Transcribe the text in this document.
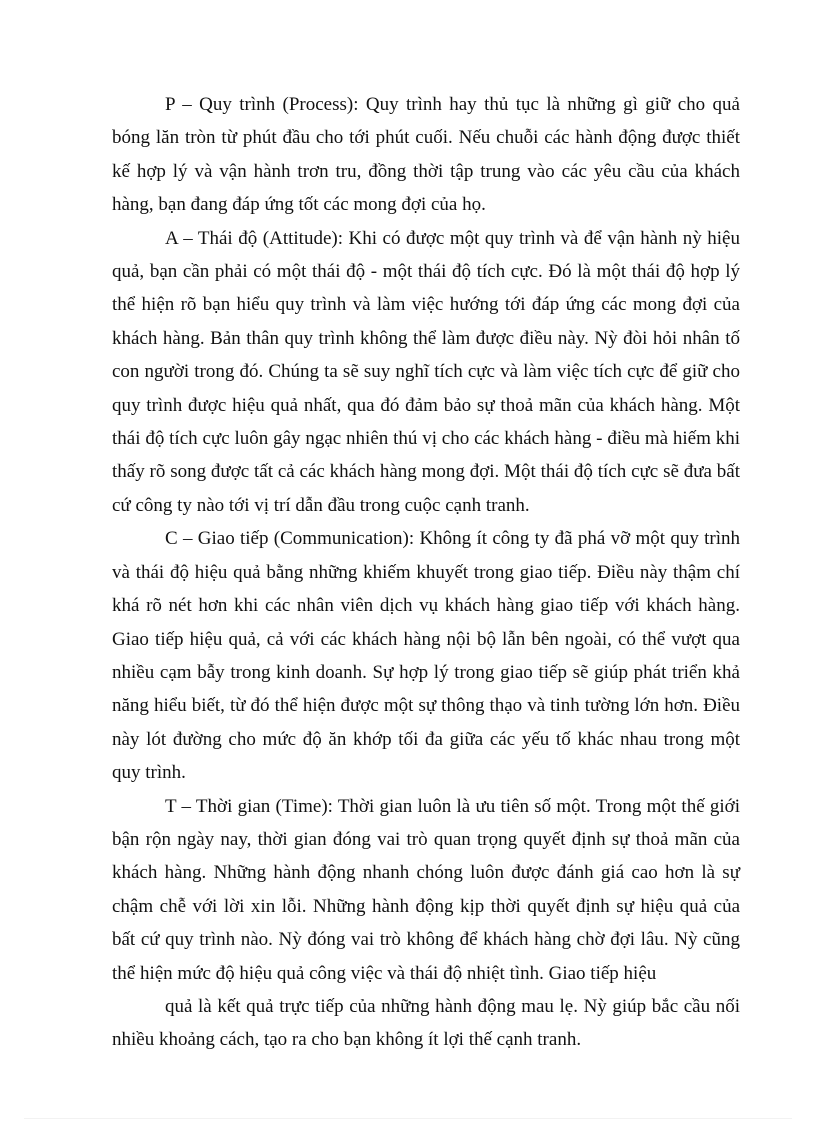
P – Quy trình (Process): Quy trình hay thủ tục là những gì giữ cho quả bóng lăn tròn từ phút đầu cho tới phút cuối. Nếu chuỗi các hành động được thiết kế hợp lý và vận hành trơn tru, đồng thời tập trung vào các yêu cầu của khách hàng, bạn đang đáp ứng tốt các mong đợi của họ.

A – Thái độ (Attitude): Khi có được một quy trình và để vận hành nỳ hiệu quả, bạn cần phải có một thái độ - một thái độ tích cực. Đó là một thái độ hợp lý thể hiện rõ bạn hiểu quy trình và làm việc hướng tới đáp ứng các mong đợi của khách hàng. Bản thân quy trình không thể làm được điều này. Nỳ đòi hỏi nhân tố con người trong đó. Chúng ta sẽ suy nghĩ tích cực và làm việc tích cực để giữ cho quy trình được hiệu quả nhất, qua đó đảm bảo sự thoả mãn của khách hàng. Một thái độ tích cực luôn gây ngạc nhiên thú vị cho các khách hàng - điều mà hiếm khi thấy rõ song được tất cả các khách hàng mong đợi. Một thái độ tích cực sẽ đưa bất cứ công ty nào tới vị trí dẫn đầu trong cuộc cạnh tranh.

C – Giao tiếp (Communication): Không ít công ty đã phá vỡ một quy trình và thái độ hiệu quả bằng những khiếm khuyết trong giao tiếp. Điều này thậm chí khá rõ nét hơn khi các nhân viên dịch vụ khách hàng giao tiếp với khách hàng. Giao tiếp hiệu quả, cả với các khách hàng nội bộ lẫn bên ngoài, có thể vượt qua nhiều cạm bẫy trong kinh doanh. Sự hợp lý trong giao tiếp sẽ giúp phát triển khả năng hiểu biết, từ đó thể hiện được một sự thông thạo và tinh tường lớn hơn. Điều này lót đường cho mức độ ăn khớp tối đa giữa các yếu tố khác nhau trong một quy trình.

T – Thời gian (Time): Thời gian luôn là ưu tiên số một. Trong một thế giới bận rộn ngày nay, thời gian đóng vai trò quan trọng quyết định sự thoả mãn của khách hàng. Những hành động nhanh chóng luôn được đánh giá cao hơn là sự chậm chễ với lời xin lỗi. Những hành động kịp thời quyết định sự hiệu quả của bất cứ quy trình nào. Nỳ đóng vai trò không để khách hàng chờ đợi lâu. Nỳ cũng thể hiện mức độ hiệu quả công việc và thái độ nhiệt tình. Giao tiếp hiệu

quả là kết quả trực tiếp của những hành động mau lẹ. Nỳ giúp bắc cầu nối nhiều khoảng cách, tạo ra cho bạn không ít lợi thế cạnh tranh.
